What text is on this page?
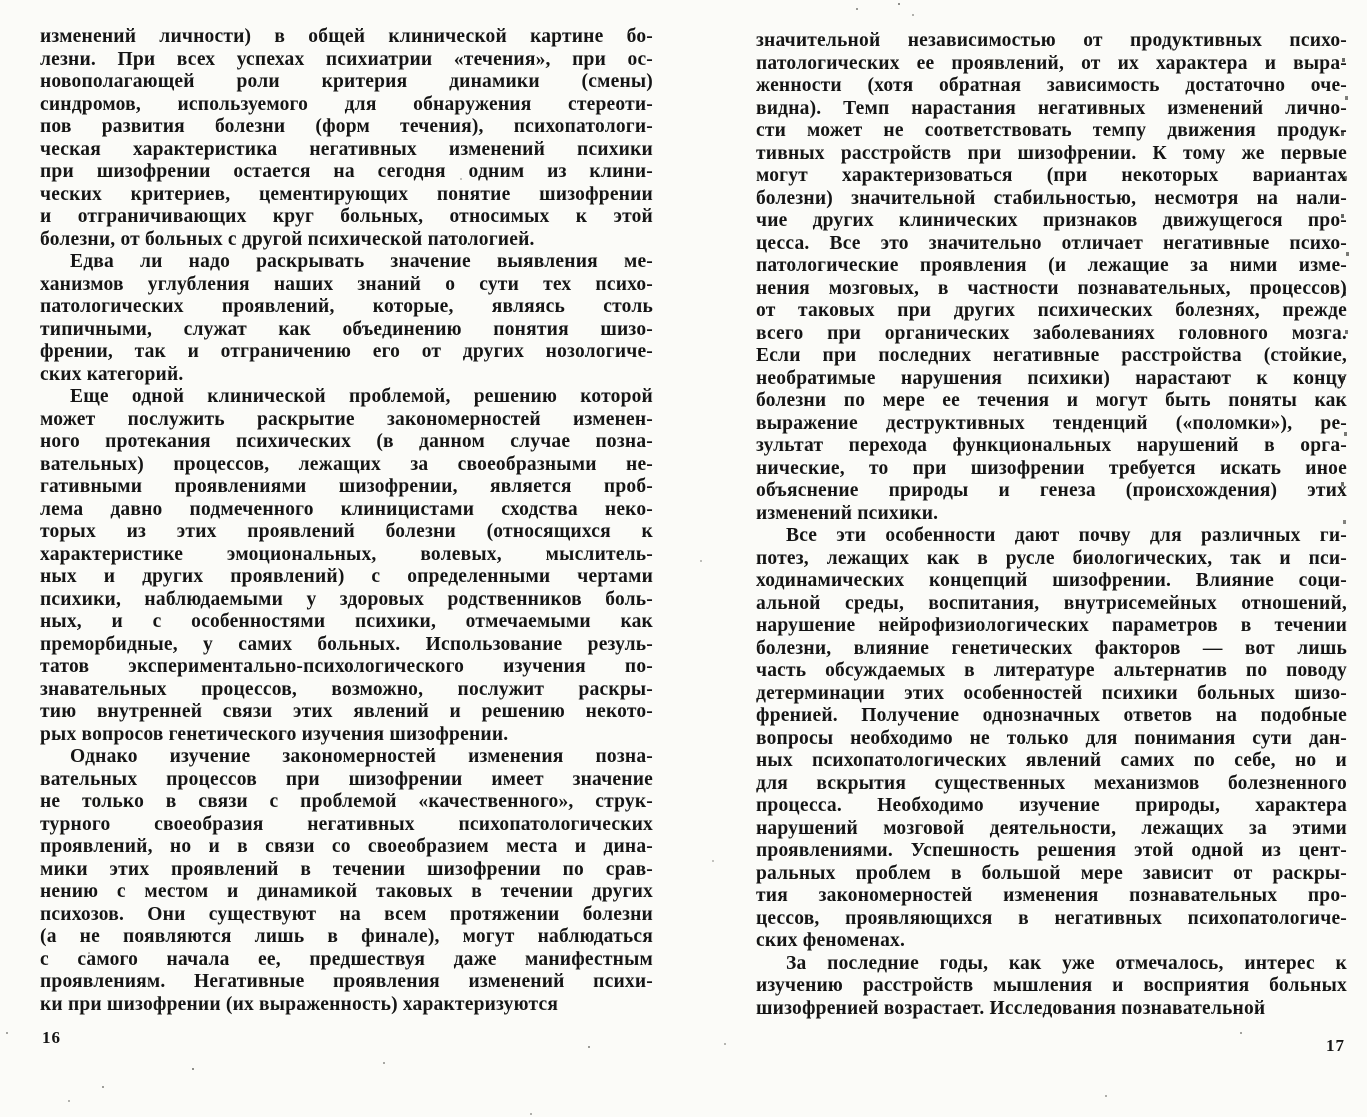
изменений личности) в общей клинической картине бо-
лезни. При всех успехах психиатрии «течения», при ос-
новополагающей роли критерия динамики (смены)
синдромов, используемого для обнаружения стереоти-
пов развития болезни (форм течения), психопатологи-
ческая характеристика негативных изменений психики
при шизофрении остается на сегодня одним из клини-
ческих критериев, цементирующих понятие шизофрении
и отграничивающих круг больных, относимых к этой
болезни, от больных с другой психической патологией.
Едва ли надо раскрывать значение выявления ме-
ханизмов углубления наших знаний о сути тех психо-
патологических проявлений, которые, являясь столь
типичными, служат как объединению понятия шизо-
френии, так и отграничению его от других нозологиче-
ских категорий.
Еще одной клинической проблемой, решению которой
может послужить раскрытие закономерностей изменен-
ного протекания психических (в данном случае позна-
вательных) процессов, лежащих за своеобразными не-
гативными проявлениями шизофрении, является проб-
лема давно подмеченного клиницистами сходства неко-
торых из этих проявлений болезни (относящихся к
характеристике эмоциональных, волевых, мыслитель-
ных и других проявлений) с определенными чертами
психики, наблюдаемыми у здоровых родственников боль-
ных, и с особенностями психики, отмечаемыми как
преморбидные, у самих больных. Использование резуль-
татов экспериментально-психологического изучения по-
знавательных процессов, возможно, послужит раскры-
тию внутренней связи этих явлений и решению некото-
рых вопросов генетического изучения шизофрении.
Однако изучение закономерностей изменения позна-
вательных процессов при шизофрении имеет значение
не только в связи с проблемой «качественного», струк-
турного своеобразия негативных психопатологических
проявлений, но и в связи со своеобразием места и дина-
мики этих проявлений в течении шизофрении по срав-
нению с местом и динамикой таковых в течении других
психозов. Они существуют на всем протяжении болезни
(а не появляются лишь в финале), могут наблюдаться
с самого начала ее, предшествуя даже манифестным
проявлениям. Негативные проявления изменений психи-
ки при шизофрении (их выраженность) характеризуются
значительной независимостью от продуктивных психо-
патологических ее проявлений, от их характера и выра-
женности (хотя обратная зависимость достаточно оче-
видна). Темп нарастания негативных изменений лично-
сти может не соответствовать темпу движения продук-
тивных расстройств при шизофрении. К тому же первые
могут характеризоваться (при некоторых вариантах
болезни) значительной стабильностью, несмотря на нали-
чие других клинических признаков движущегося про-
цесса. Все это значительно отличает негативные психо-
патологические проявления (и лежащие за ними изме-
нения мозговых, в частности познавательных, процессов)
от таковых при других психических болезнях, прежде
всего при органических заболеваниях головного мозга.
Если при последних негативные расстройства (стойкие,
необратимые нарушения психики) нарастают к концу
болезни по мере ее течения и могут быть поняты как
выражение деструктивных тенденций («поломки»), ре-
зультат перехода функциональных нарушений в орга-
нические, то при шизофрении требуется искать иное
объяснение природы и генеза (происхождения) этих
изменений психики.
Все эти особенности дают почву для различных ги-
потез, лежащих как в русле биологических, так и пси-
ходинамических концепций шизофрении. Влияние соци-
альной среды, воспитания, внутрисемейных отношений,
нарушение нейрофизиологических параметров в течении
болезни, влияние генетических факторов — вот лишь
часть обсуждаемых в литературе альтернатив по поводу
детерминации этих особенностей психики больных шизо-
френией. Получение однозначных ответов на подобные
вопросы необходимо не только для понимания сути дан-
ных психопатологических явлений самих по себе, но и
для вскрытия существенных механизмов болезненного
процесса. Необходимо изучение природы, характера
нарушений мозговой деятельности, лежащих за этими
проявлениями. Успешность решения этой одной из цент-
ральных проблем в большой мере зависит от раскры-
тия закономерностей изменения познавательных про-
цессов, проявляющихся в негативных психопатологиче-
ских феноменах.
За последние годы, как уже отмечалось, интерес к
изучению расстройств мышления и восприятия больных
шизофренией возрастает. Исследования познавательной
16	17
